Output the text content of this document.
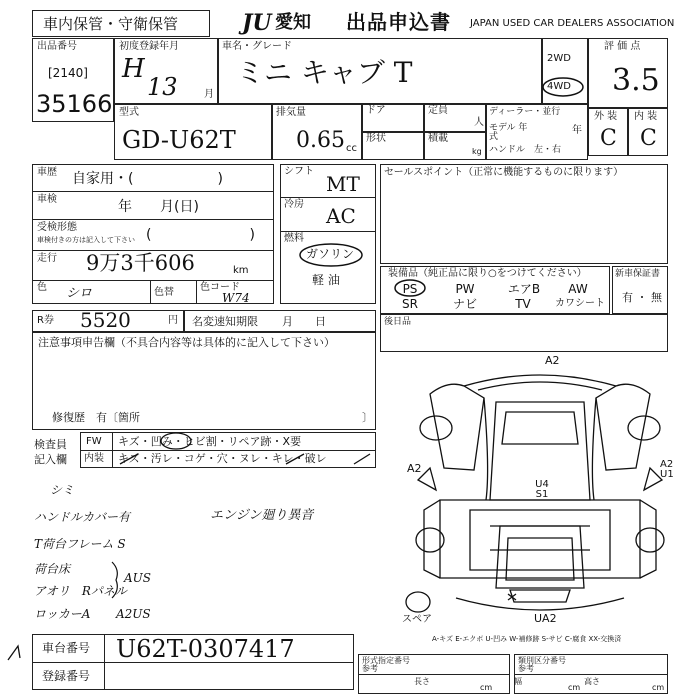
車内保管・守衛保管	JU 愛知 出品申込書 JAPAN USED CAR DEALERS ASSOCIATION
出品番号
[2140]
35166
初度登録年月
H
13	月
車名・グレード
ミニ キャブ T	2WD
4WD
評 価 点
3.5
外 装 内 装
C C
型式
GD-U62T
排気量
0.65 cc
ドア	定員
人
形状	積載
kg
ディーラー・並行
モデル 年 式
年
ハンドル　左・右
車歴 自家用・(　　　　　　)
車検	年　　月(日)
受検形態
車検付きの方は記入して下さい (　　　　　　　)
走行 9万3千606	km
色 シロ	色替	色コード
W74
シフト
MT
冷房 AC
燃料
ガソリン
軽 油
セールスポイント（正常に機能するものに限ります）
装備品（純正品に限り○をつけてください）
PS	PW	エアB	AW
SR	ナビ	TV	カワシート
新車保証書
有 ・ 無
R券 5520	円 名変速知期限 月　　日	後日品
注意事項申告欄（不具合内容等は具体的に記入して下さい）
修復歴　有〔箇所	〕
検査員 記入欄
FW キズ・凹み・ヒビ割・リペア跡・X要
内装 キズ・汚レ・コゲ・穴・ヌレ・キレ・破レ
シミ
ハンドルカバー有	エンジン廻り異音
T荷台フレーム S
荷台床
アオリ　Rパネル
ロッカーA
AUS
A2US
車台番号 U62T-0307417
登録番号
A2
A2	A2 U1
U4 S1
UA2
スペア
A-キズ E-エクボ U-凹み W-補修跡 S-サビ C-腐食 XX-交換済
形式指定番号 参考
類別区分番号 参考
長さ
cm
幅
cm
高さ
cm
